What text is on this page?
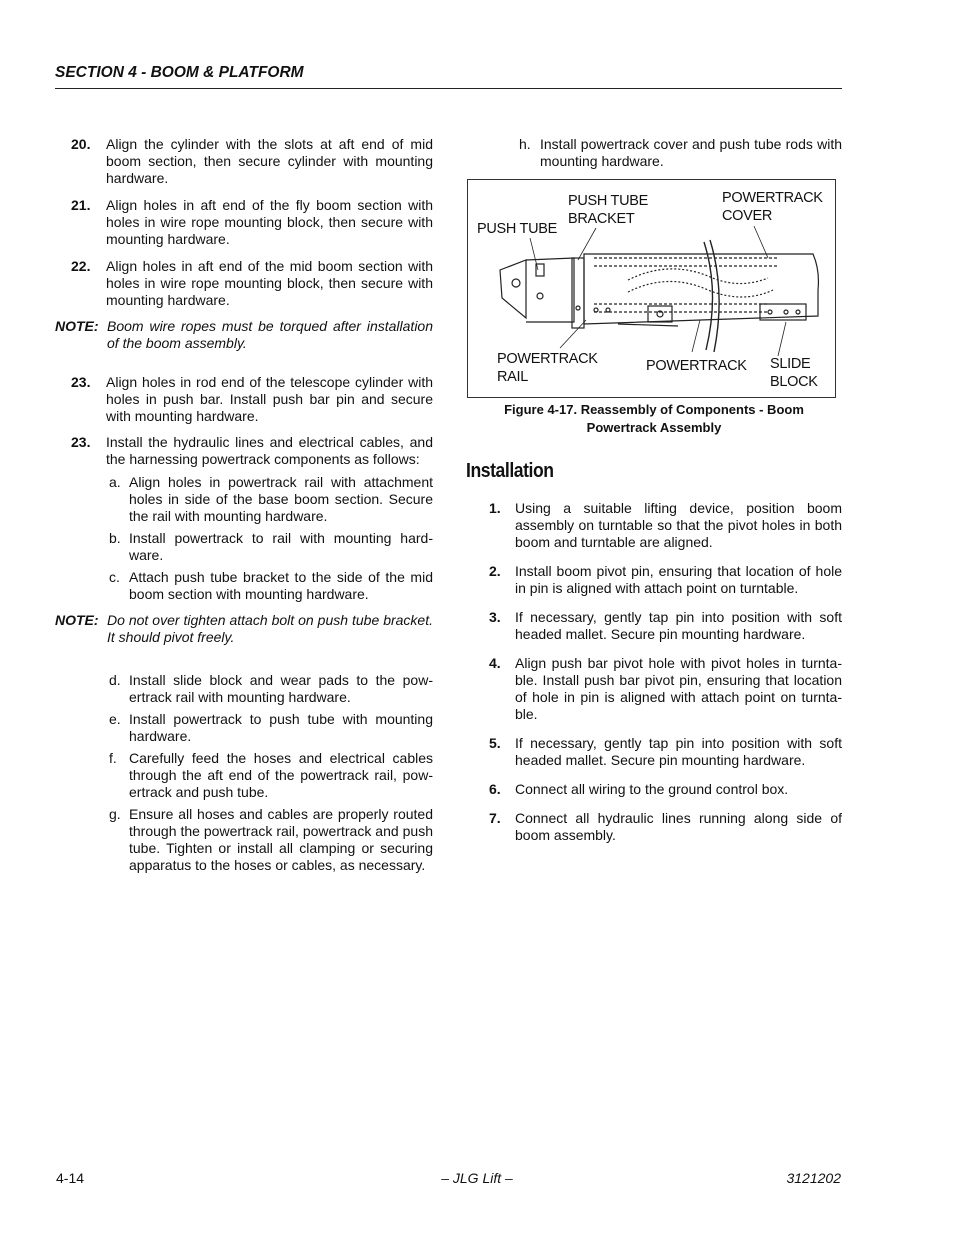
SECTION 4 - BOOM & PLATFORM
20. Align the cylinder with the slots at aft end of mid boom section, then secure cylinder with mounting hardware.
21. Align holes in aft end of the fly boom section with holes in wire rope mounting block, then secure with mounting hardware.
22. Align holes in aft end of the mid boom section with holes in wire rope mounting block, then secure with mounting hardware.
NOTE: Boom wire ropes must be torqued after installation of the boom assembly.
23. Align holes in rod end of the telescope cylinder with holes in push bar. Install push bar pin and secure with mounting hardware.
23. Install the hydraulic lines and electrical cables, and the harnessing powertrack components as follows:
a. Align holes in powertrack rail with attachment holes in side of the base boom section. Secure the rail with mounting hardware.
b. Install powertrack to rail with mounting hard-ware.
c. Attach push tube bracket to the side of the mid boom section with mounting hardware.
NOTE: Do not over tighten attach bolt on push tube bracket. It should pivot freely.
d. Install slide block and wear pads to the pow-ertrack rail with mounting hardware.
e. Install powertrack to push tube with mounting hardware.
f. Carefully feed the hoses and electrical cables through the aft end of the powertrack rail, pow-ertrack and push tube.
g. Ensure all hoses and cables are properly routed through the powertrack rail, powertrack and push tube. Tighten or install all clamping or securing apparatus to the hoses or cables, as necessary.
h. Install powertrack cover and push tube rods with mounting hardware.
PUSH TUBE
PUSH TUBE
BRACKET
POWERTRACK
COVER
POWERTRACK
RAIL
POWERTRACK SLIDE
BLOCK
Figure 4-17. Reassembly of Components - Boom
Powertrack Assembly
Installation
1. Using a suitable lifting device, position boom assembly on turntable so that the pivot holes in both boom and turntable are aligned.
2. Install boom pivot pin, ensuring that location of hole in pin is aligned with attach point on turntable.
3. If necessary, gently tap pin into position with soft headed mallet. Secure pin mounting hardware.
4. Align push bar pivot hole with pivot holes in turnta-ble. Install push bar pivot pin, ensuring that location of hole in pin is aligned with attach point on turnta-ble.
5. If necessary, gently tap pin into position with soft headed mallet. Secure pin mounting hardware.
6. Connect all wiring to the ground control box.
7. Connect all hydraulic lines running along side of boom assembly.
4-14	– JLG Lift –	3121202
